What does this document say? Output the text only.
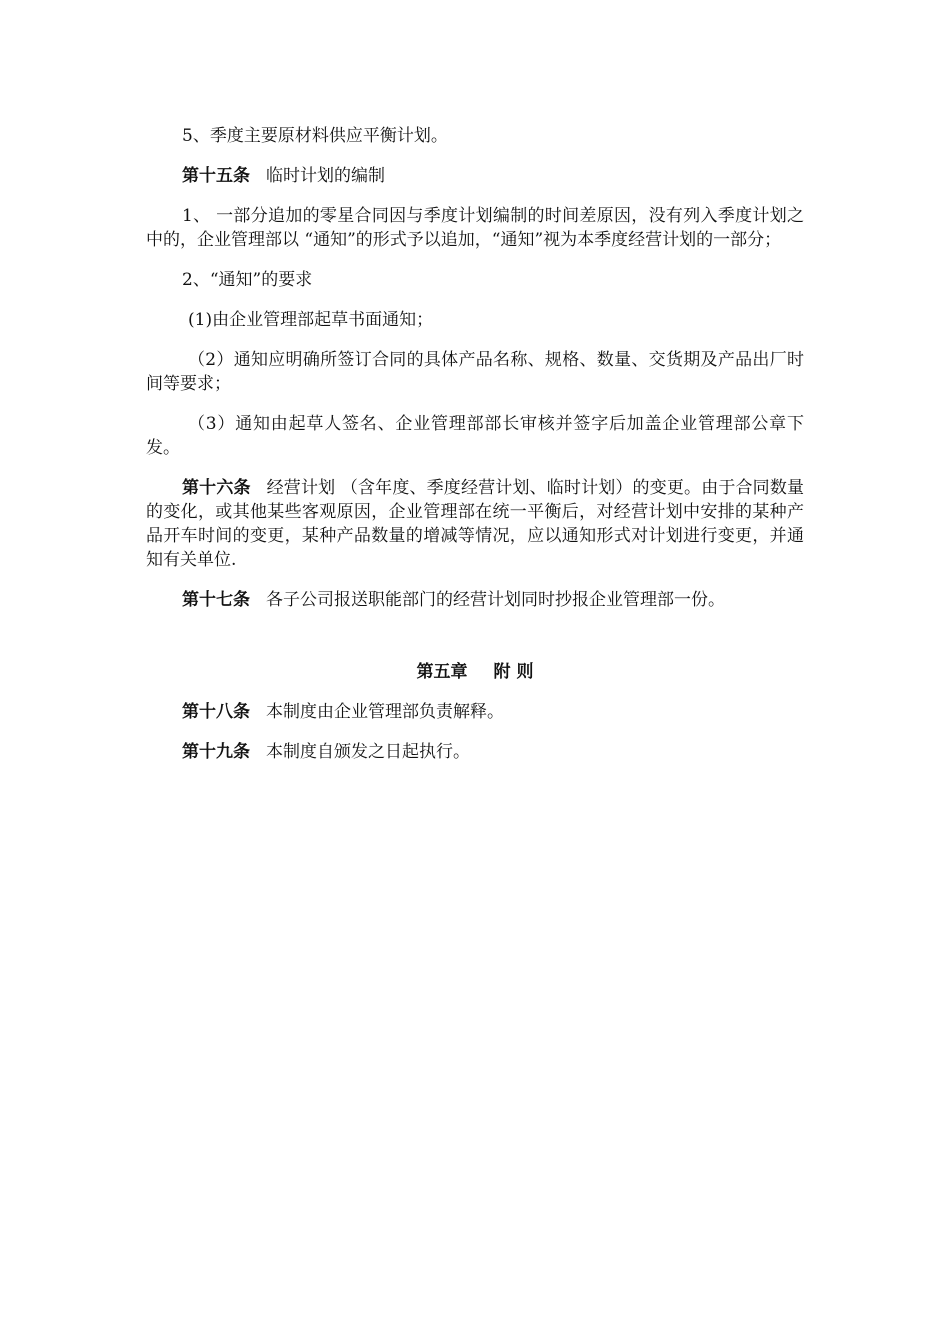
5、季度主要原材料供应平衡计划。

第十五条 临时计划的编制

1、 一部分追加的零星合同因与季度计划编制的时间差原因，没有列入季度计划之中的，企业管理部以 “通知”的形式予以追加，“通知”视为本季度经营计划的一部分；

2、“通知”的要求

(1)由企业管理部起草书面通知；

（2）通知应明确所签订合同的具体产品名称、规格、数量、交货期及产品出厂时间等要求；

（3）通知由起草人签名、企业管理部部长审核并签字后加盖企业管理部公章下发。

第十六条 经营计划 （含年度、季度经营计划、临时计划）的变更。由于合同数量的变化，或其他某些客观原因，企业管理部在统一平衡后，对经营计划中安排的某种产品开车时间的变更，某种产品数量的增减等情况，应以通知形式对计划进行变更，并通知有关单位.

第十七条 各子公司报送职能部门的经营计划同时抄报企业管理部一份。

第五章 附 则

第十八条 本制度由企业管理部负责解释。

第十九条 本制度自颁发之日起执行。
